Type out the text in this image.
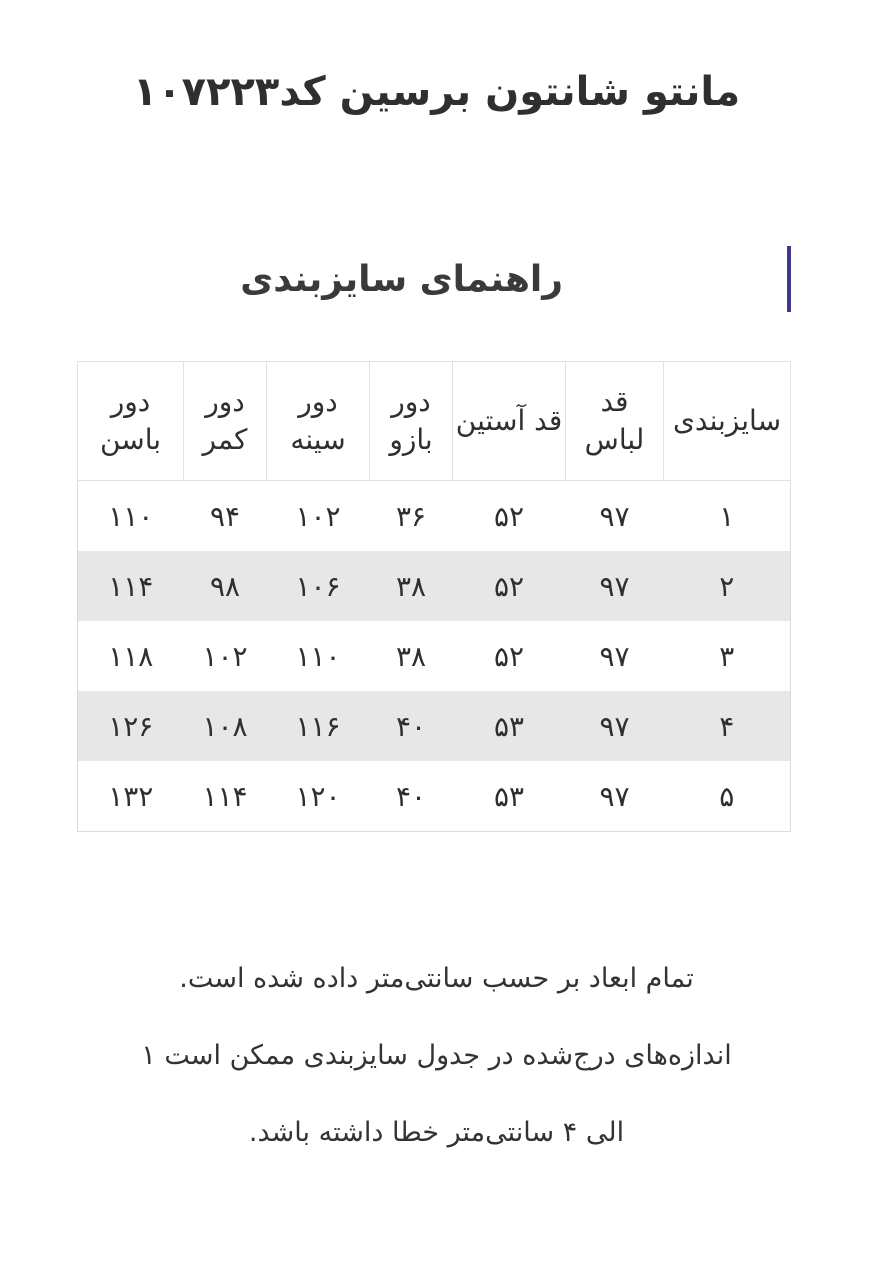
مانتو شانتون برسین کد۱۰۷۲۲۳
راهنمای سایزبندی
سایزبندی	قد لباس	قد آستین	دور بازو	دور سینه	دور کمر	دور باسن
۱	۹۷	۵۲	۳۶	۱۰۲	۹۴	۱۱۰
۲	۹۷	۵۲	۳۸	۱۰۶	۹۸	۱۱۴
۳	۹۷	۵۲	۳۸	۱۱۰	۱۰۲	۱۱۸
۴	۹۷	۵۳	۴۰	۱۱۶	۱۰۸	۱۲۶
۵	۹۷	۵۳	۴۰	۱۲۰	۱۱۴	۱۳۲

تمام ابعاد بر حسب سانتی‌متر داده شده است.

اندازه‌های درج‌شده در جدول سایزبندی ممکن است ۱

الی ۴ سانتی‌متر خطا داشته باشد.
